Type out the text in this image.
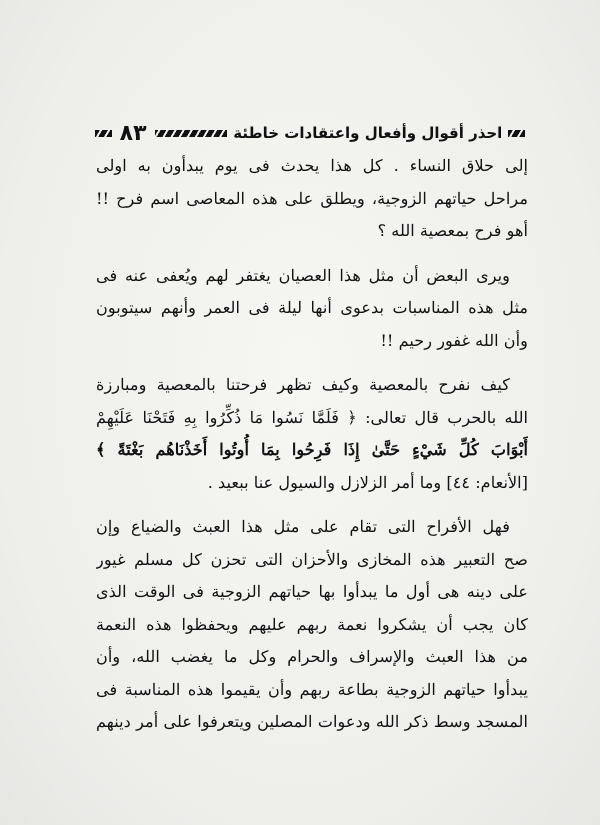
احذر أقوال وأفعال واعتقادات خاطئة
٨٣

إلى حلاق النساء . كل هذا يحدث فى يوم يبدأون به اولى
مراحل حياتهم الزوجية، ويطلق على هذه المعاصى اسم فرح !!
أهو فرح بمعصية الله ؟

ويرى البعض أن مثل هذا العصيان يغتفر لهم ويُعفى عنه فى
مثل هذه المناسبات بدعوى أنها ليلة فى العمر وأنهم سيتوبون
وأن الله غفور رحيم !!

كيف نفرح بالمعصية وكيف تظهر فرحتنا بالمعصية ومبارزة
الله بالحرب قال تعالى: ﴿ فَلَمَّا نَسُوا مَا ذُكِّرُوا بِهِ فَتَحْنَا عَلَيْهِمْ
أَبْوَابَ كُلِّ شَيْءٍ حَتَّىٰ إِذَا فَرِحُوا بِمَا أُوتُوا أَخَذْنَاهُم بَغْتَةً ﴾
[الأنعام: ٤٤] وما أمر الزلازل والسيول عنا ببعيد .

فهل الأفراح التى تقام على مثل هذا العبث والضياع وإن
صح التعبير هذه المخازى والأحزان التى تحزن كل مسلم غيور
على دينه هى أول ما يبدأوا بها حياتهم الزوجية فى الوقت الذى
كان يجب أن يشكروا نعمة ربهم عليهم ويحفظوا هذه النعمة
من هذا العبث والإسراف والحرام وكل ما يغضب الله، وأن
يبدأوا حياتهم الزوجية بطاعة ربهم وأن يقيموا هذه المناسبة فى
المسجد وسط ذكر الله ودعوات المصلين ويتعرفوا على أمر دينهم
